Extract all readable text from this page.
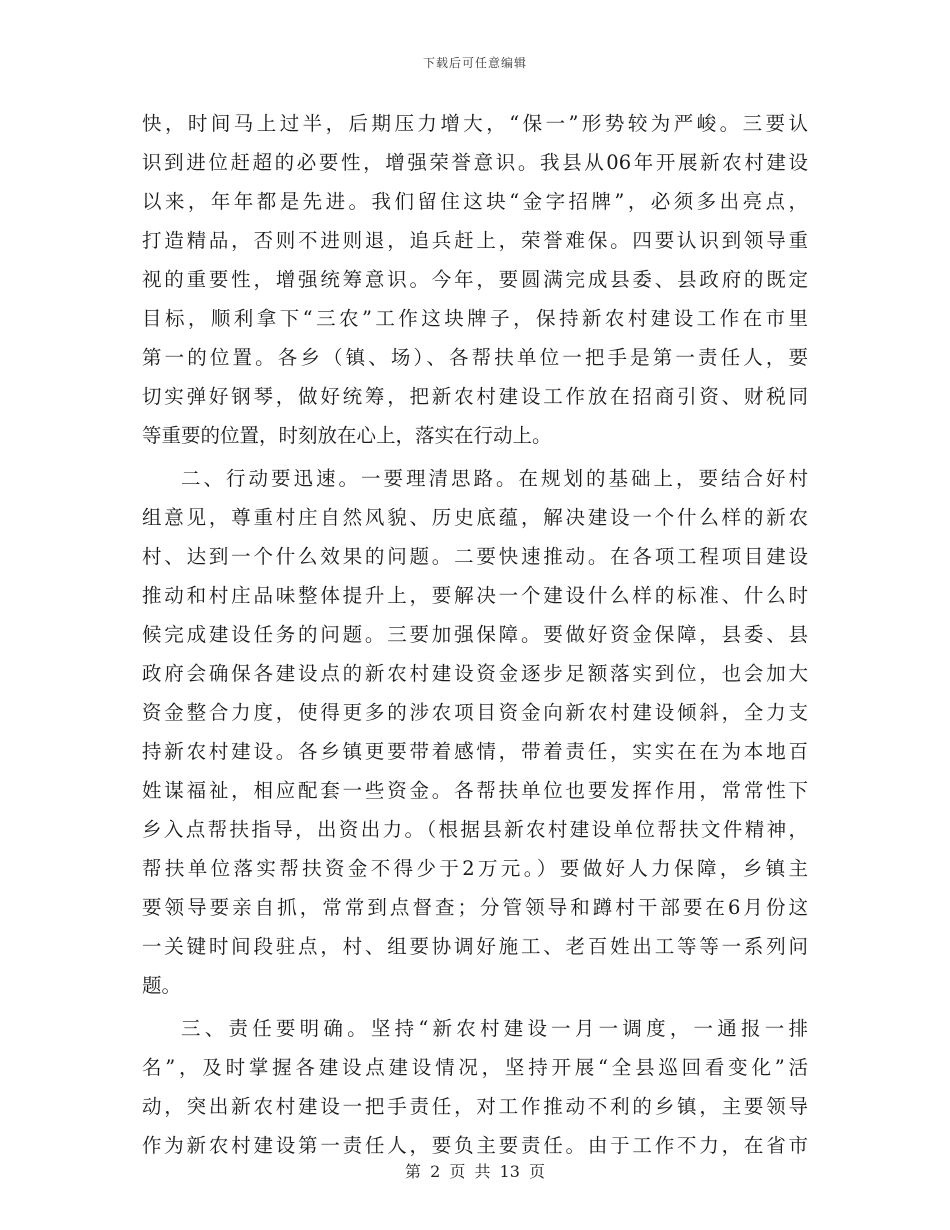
下载后可任意编辑
快，时间马上过半，后期压力增大，“保一”形势较为严峻。三要认
识到进位赶超的必要性，增强荣誉意识。我县从06年开展新农村建设
以来，年年都是先进。我们留住这块“金字招牌”，必须多出亮点，
打造精品，否则不进则退，追兵赶上，荣誉难保。四要认识到领导重
视的重要性，增强统筹意识。今年，要圆满完成县委、县政府的既定
目标，顺利拿下“三农”工作这块牌子，保持新农村建设工作在市里
第一的位置。各乡（镇、场）、各帮扶单位一把手是第一责任人，要
切实弹好钢琴，做好统筹，把新农村建设工作放在招商引资、财税同
等重要的位置，时刻放在心上，落实在行动上。
二、行动要迅速。一要理清思路。在规划的基础上，要结合好村
组意见，尊重村庄自然风貌、历史底蕴，解决建设一个什么样的新农
村、达到一个什么效果的问题。二要快速推动。在各项工程项目建设
推动和村庄品味整体提升上，要解决一个建设什么样的标准、什么时
候完成建设任务的问题。三要加强保障。要做好资金保障，县委、县
政府会确保各建设点的新农村建设资金逐步足额落实到位，也会加大
资金整合力度，使得更多的涉农项目资金向新农村建设倾斜，全力支
持新农村建设。各乡镇更要带着感情，带着责任，实实在在为本地百
姓谋福祉，相应配套一些资金。各帮扶单位也要发挥作用，常常性下
乡入点帮扶指导，出资出力。（根据县新农村建设单位帮扶文件精神，
帮扶单位落实帮扶资金不得少于2万元。）要做好人力保障，乡镇主
要领导要亲自抓，常常到点督查；分管领导和蹲村干部要在6月份这
一关键时间段驻点，村、组要协调好施工、老百姓出工等等一系列问
题。
三、责任要明确。坚持“新农村建设一月一调度，一通报一排
名”，及时掌握各建设点建设情况，坚持开展“全县巡回看变化”活
动，突出新农村建设一把手责任，对工作推动不利的乡镇，主要领导
作为新农村建设第一责任人，要负主要责任。由于工作不力，在省市
第 2 页 共 13 页
